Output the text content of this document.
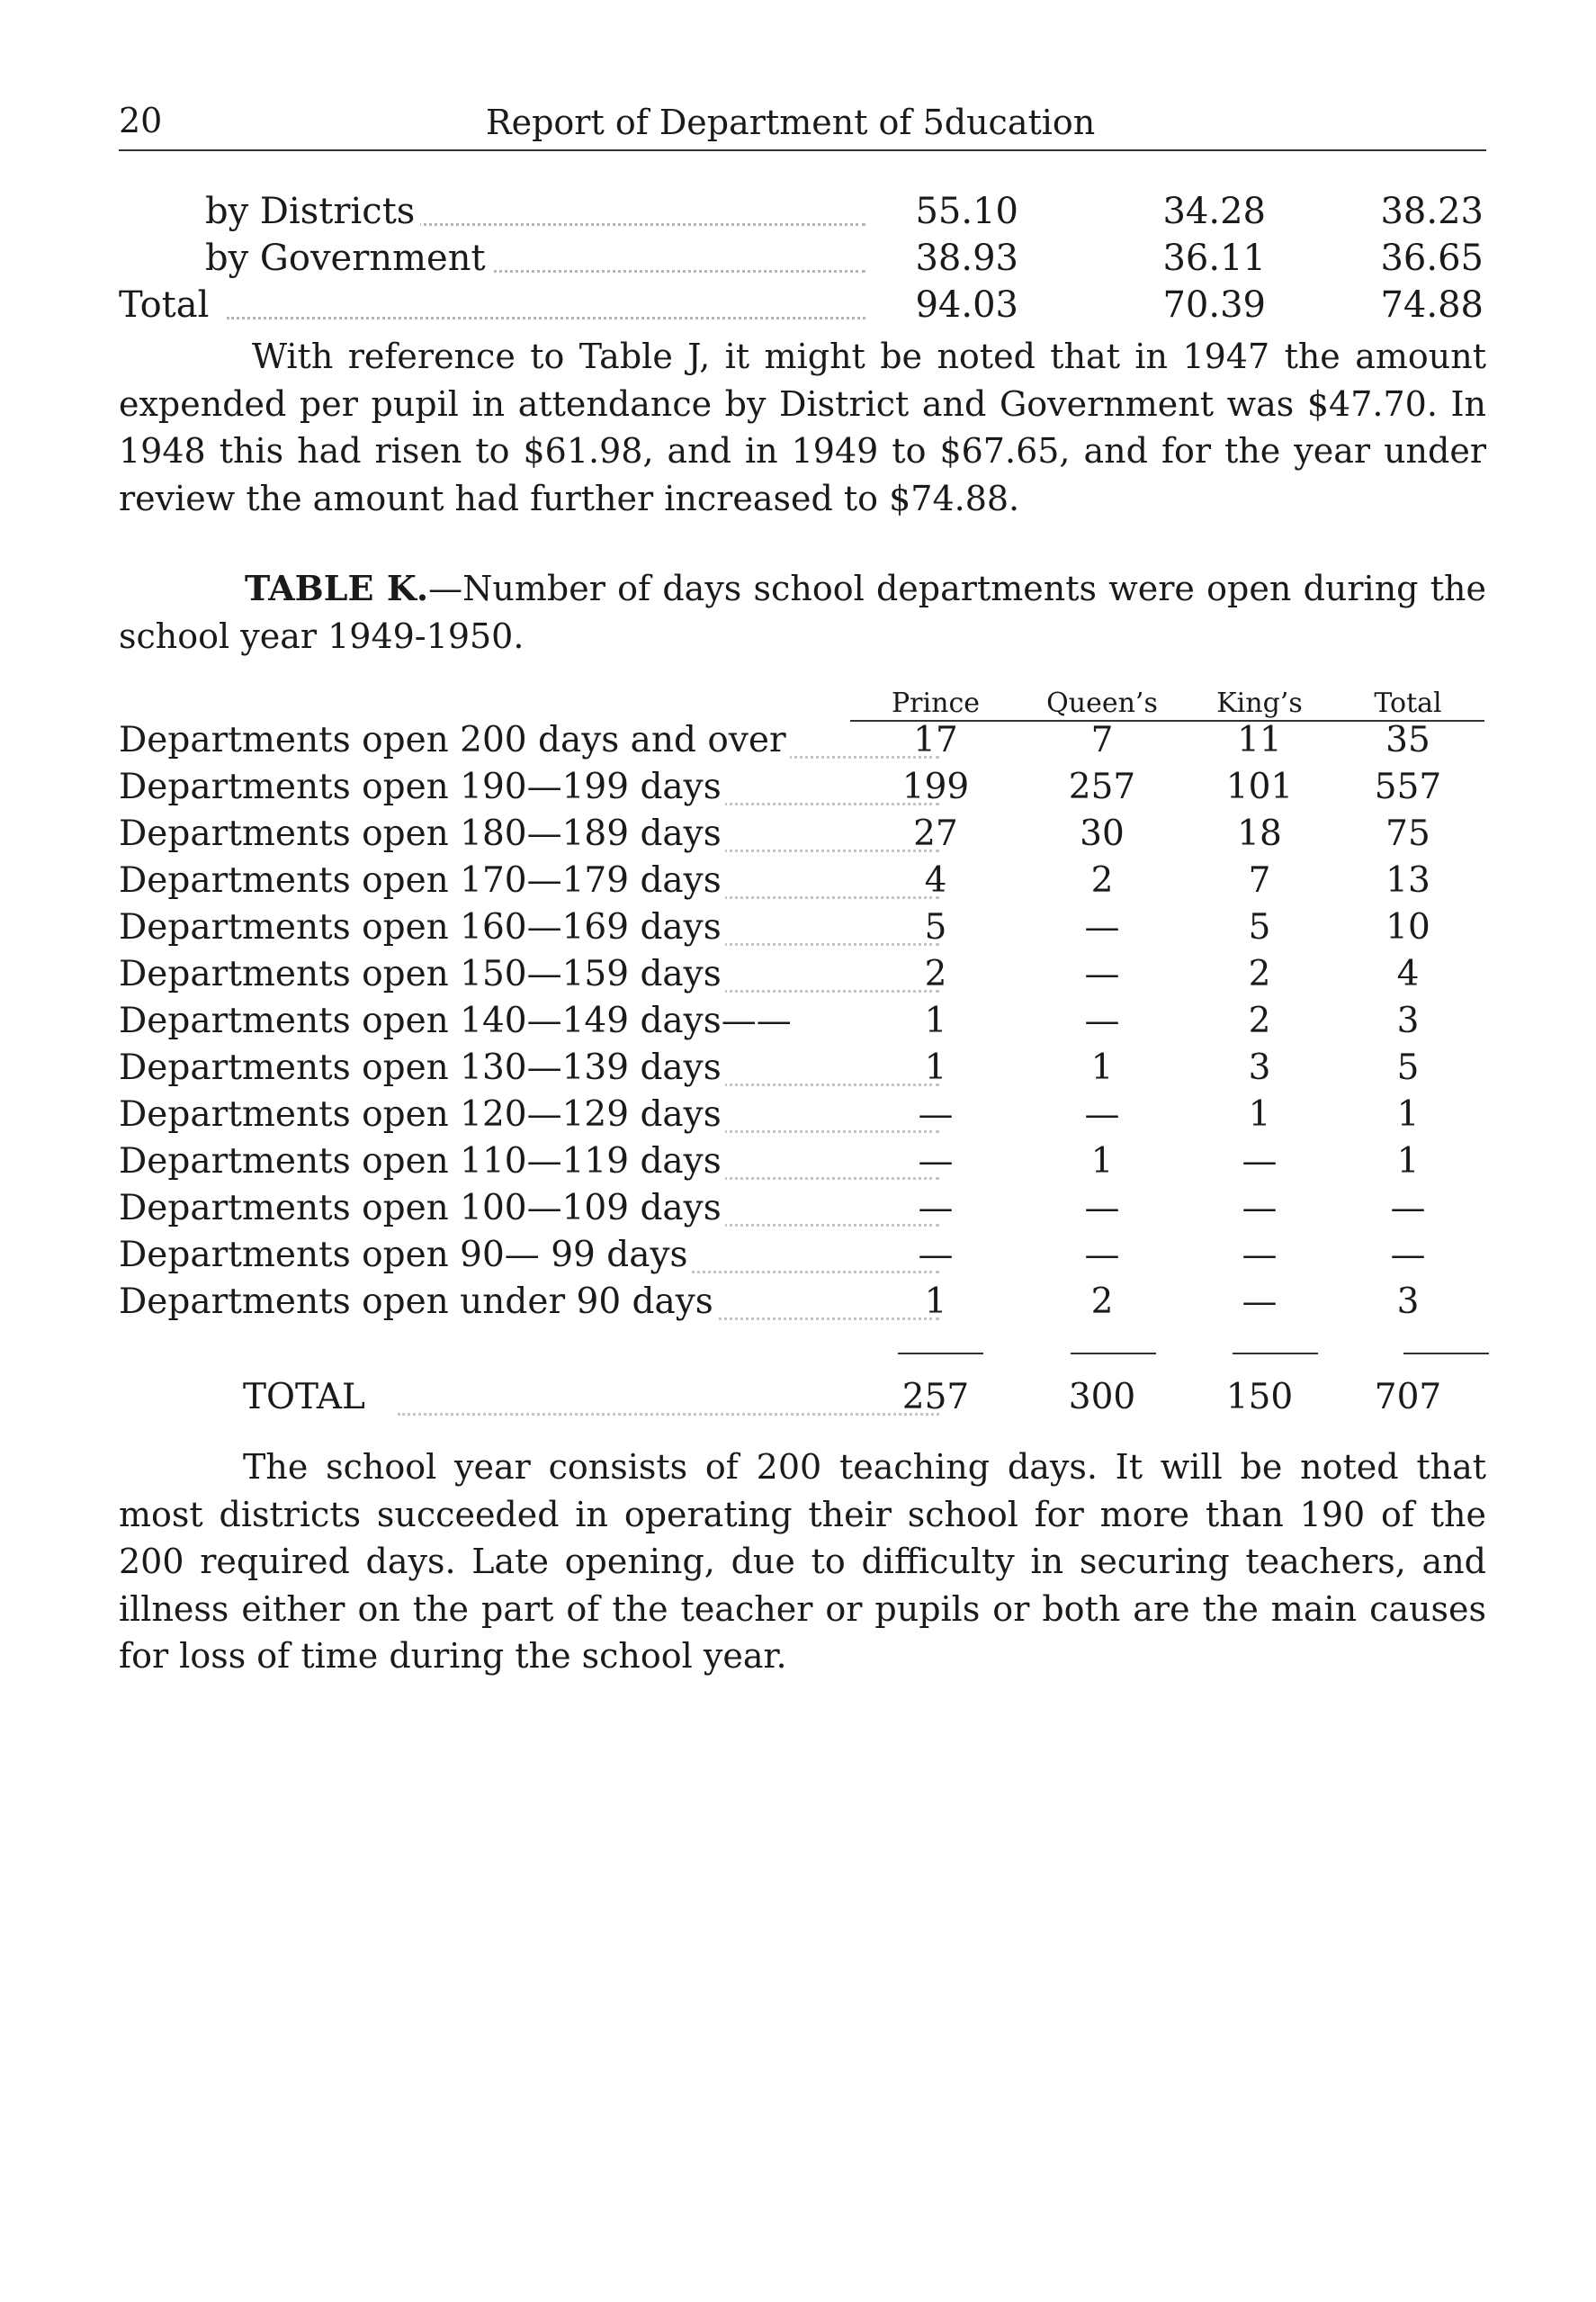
20	Report of Department of 5ducation
by Districts	55.10	34.28	38.23
by Government	38.93	36.11	36.65
Total	94.03	70.39	74.88

With reference to Table J, it might be noted that in 1947 the amount expended per pupil in attendance by District and Government was $47.70. In 1948 this had risen to $61.98, and in 1949 to $67.65, and for the year under review the amount had further increased to $74.88.

TABLE K.—Number of days school departments were open during the school year 1949-1950.

Prince	Queen’s	King’s	Total
Departments open 200 days and over	17	7	11	35
Departments open 190—199 days	199	257	101	557
Departments open 180—189 days	27	30	18	75
Departments open 170—179 days	4	2	7	13
Departments open 160—169 days	5	—	5	10
Departments open 150—159 days	2	—	2	4
Departments open 140—149 days——	1	—	2	3
Departments open 130—139 days	1	1	3	5
Departments open 120—129 days	—	—	1	1
Departments open 110—119 days	—	1	—	1
Departments open 100—109 days	—	—	—	—
Departments open 90— 99 days	—	—	—	—
Departments open under 90 days	1	2	—	3
TOTAL	257	300	150	707

The school year consists of 200 teaching days. It will be noted that most districts succeeded in operating their school for more than 190 of the 200 required days. Late opening, due to difficulty in securing teachers, and illness either on the part of the teacher or pupils or both are the main causes for loss of time during the school year.
